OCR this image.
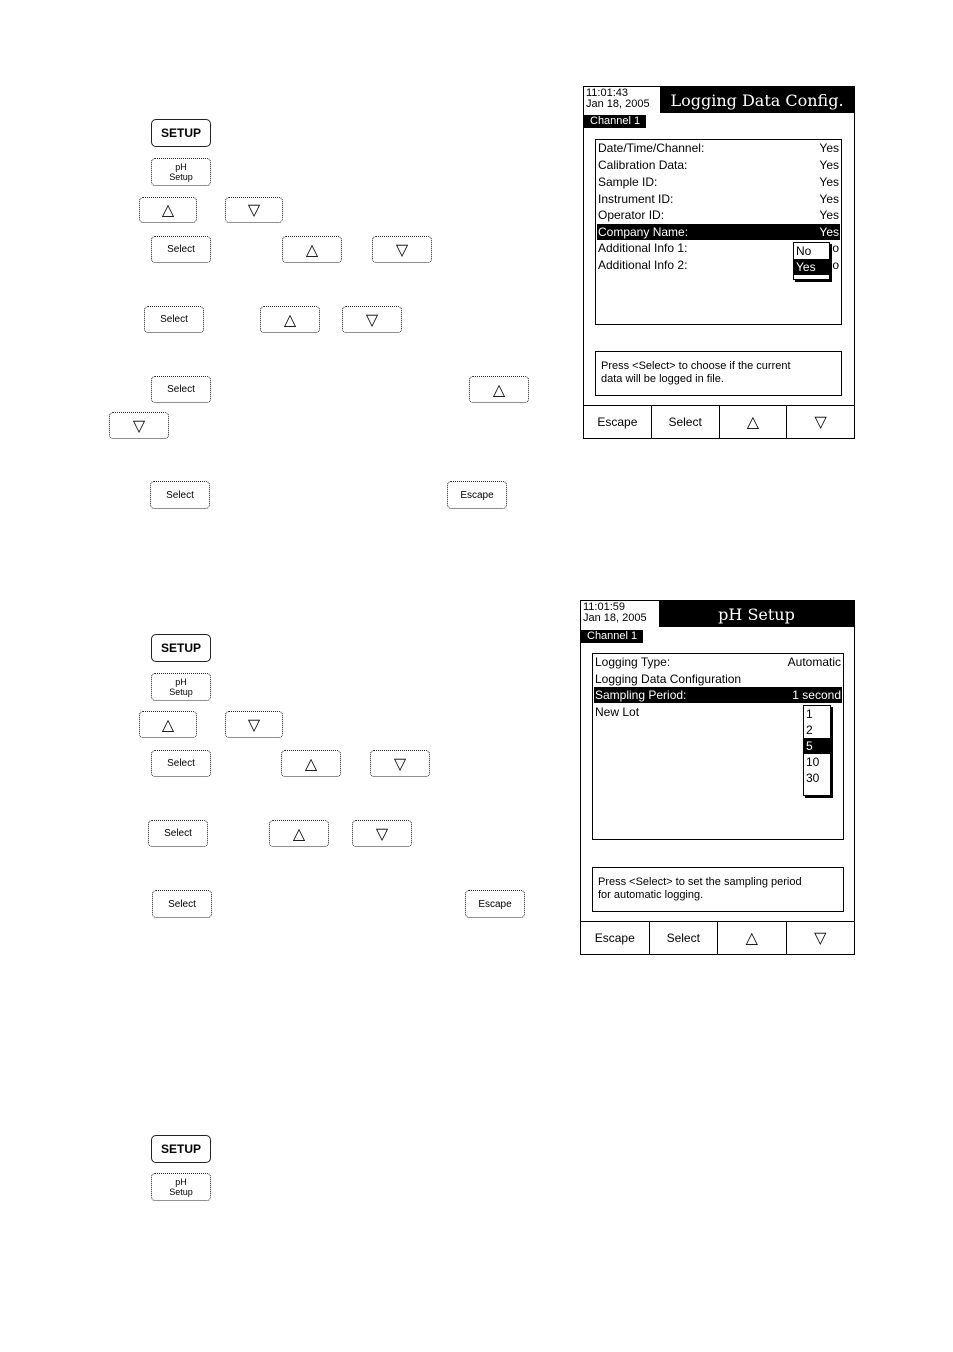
SETUP
pH
Setup
△	▽
Select	△	▽
Select	△	▽
Select	△
▽
Select	Escape
11:01:43
Jan 18, 2005	Logging Data Config.
Channel 1
Date/Time/Channel:	Yes
Calibration Data:	Yes
Sample ID:	Yes
Instrument ID:	Yes
Operator ID:	Yes
Company Name:	Yes
Additional Info 1:	o
Additional Info 2:	o
No
Yes
Press <Select> to choose if the current
data will be logged in file.
Escape	Select	△	▽
SETUP
pH
Setup
△	▽
Select	△	▽
Select	△	▽
Select	Escape
11:01:59
Jan 18, 2005	pH Setup
Channel 1
Logging Type:	Automatic
Logging Data Configuration
Sampling Period:	1 second
New Lot	1
2
5
10
30
Press <Select> to set the sampling period
for automatic logging.
Escape	Select	△	▽
SETUP
pH
Setup
